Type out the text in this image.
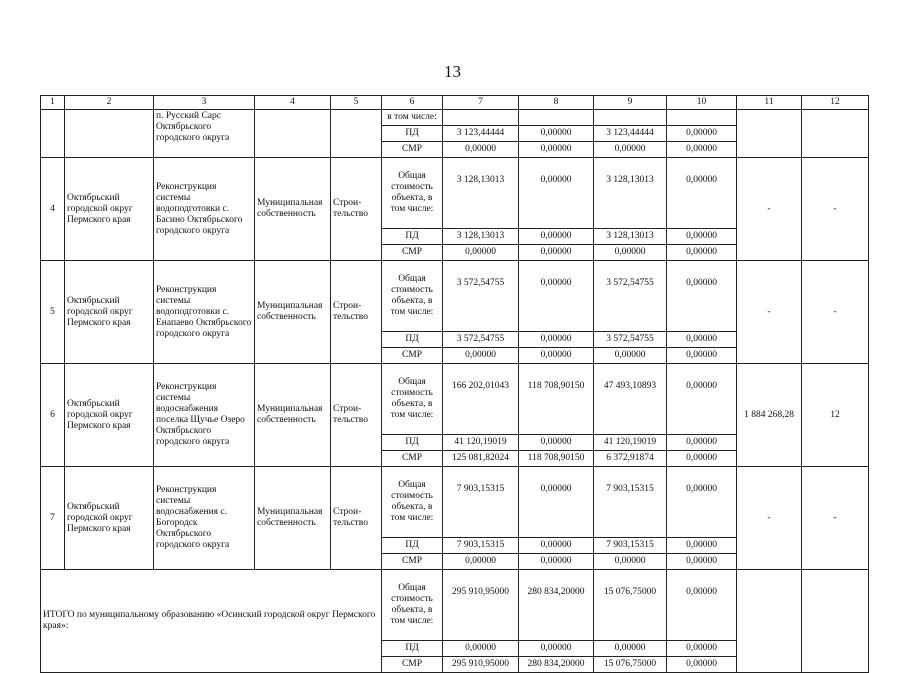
13
1	2	3	4	5	6	7	8	9	10	11	12
		п. Русский Сарс Октябрьского городского округа			в том числе:						
					ПД	3 123,44444	0,00000	3 123,44444	0,00000		
					СМР	0,00000	0,00000	0,00000	0,00000		
4	Октябрьский городской округ Пермского края	Реконструкция системы водоподготовки с. Басино Октябрьского городского округа	Муниципальная собственность	Строи-тельство	Общая стоимость объекта, в том числе:	3 128,13013	0,00000	3 128,13013	0,00000	-	-
					ПД	3 128,13013	0,00000	3 128,13013	0,00000		
					СМР	0,00000	0,00000	0,00000	0,00000		
5	Октябрьский городской округ Пермского края	Реконструкция системы водоподготовки с. Енапаево Октябрьского городского округа	Муниципальная собственность	Строи-тельство	Общая стоимость объекта, в том числе:	3 572,54755	0,00000	3 572,54755	0,00000	-	-
					ПД	3 572,54755	0,00000	3 572,54755	0,00000		
					СМР	0,00000	0,00000	0,00000	0,00000		
6	Октябрьский городской округ Пермского края	Реконструкция системы водоснабжения поселка Щучье Озеро Октябрьского городского округа	Муниципальная собственность	Строи-тельство	Общая стоимость объекта, в том числе:	166 202,01043	118 708,90150	47 493,10893	0,00000	1 884 268,28	12
					ПД	41 120,19019	0,00000	41 120,19019	0,00000		
					СМР	125 081,82024	118 708,90150	6 372,91874	0,00000		
7	Октябрьский городской округ Пермского края	Реконструкция системы водоснабжения с. Богородск Октябрьского городского округа	Муниципальная собственность	Строи-тельство	Общая стоимость объекта, в том числе:	7 903,15315	0,00000	7 903,15315	0,00000	-	-
					ПД	7 903,15315	0,00000	7 903,15315	0,00000		
					СМР	0,00000	0,00000	0,00000	0,00000		
ИТОГО по муниципальному образованию «Осинский городской округ Пермского края»:					Общая стоимость объекта, в том числе:	295 910,95000	280 834,20000	15 076,75000	0,00000		
					ПД	0,00000	0,00000	0,00000	0,00000		
					СМР	295 910,95000	280 834,20000	15 076,75000	0,00000		
